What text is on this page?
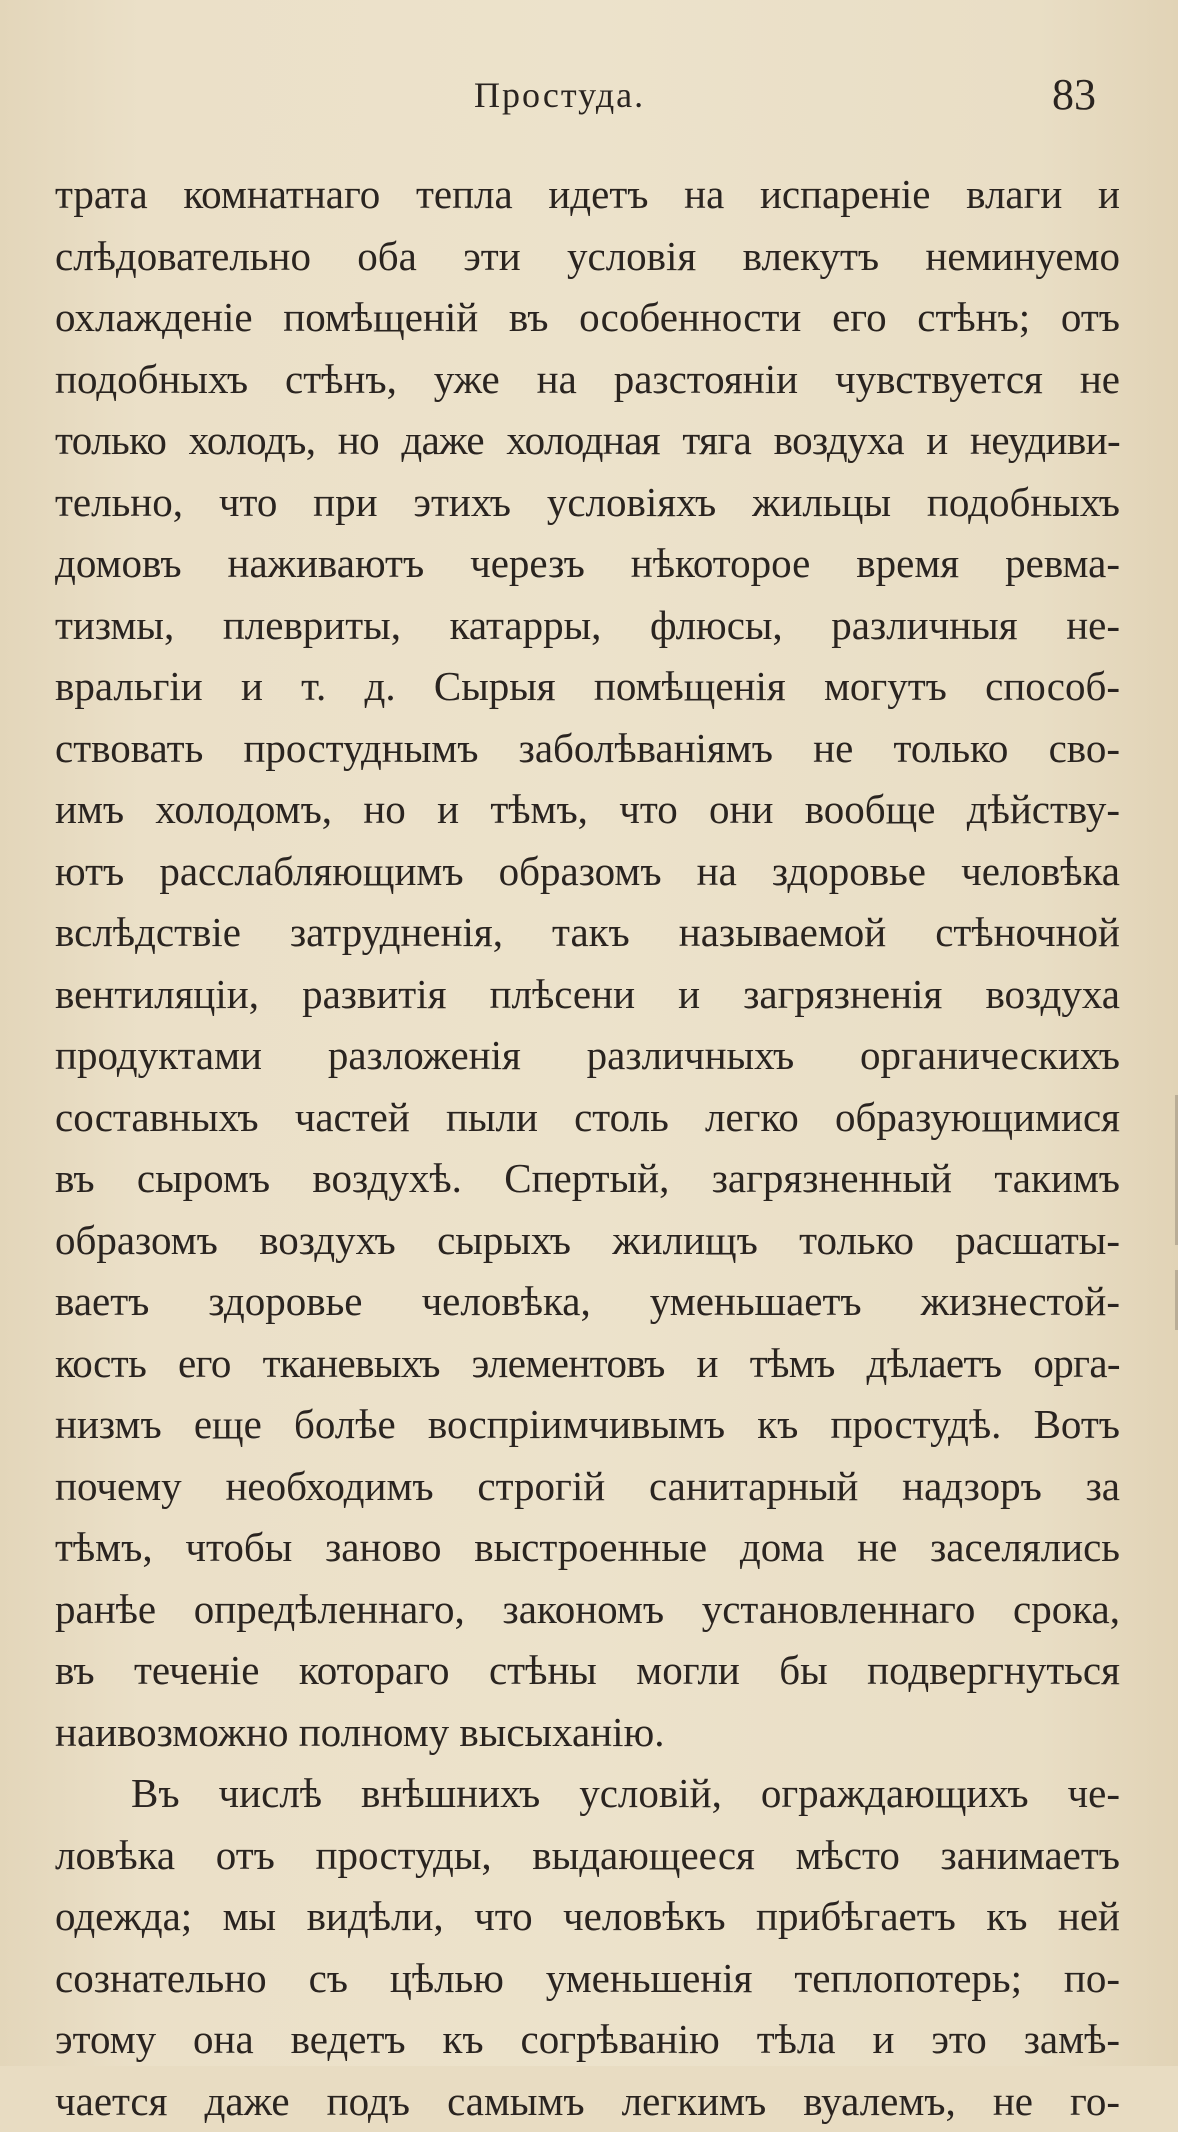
Простуда.	83
трата комнатнаго тепла идетъ на испареніе влаги и
слѣдовательно оба эти условія влекутъ неминуемо
охлажденіе помѣщеній въ особенности его стѣнъ; отъ
подобныхъ стѣнъ, уже на разстояніи чувствуется не
только холодъ, но даже холодная тяга воздуха и неудиви-
тельно, что при этихъ условіяхъ жильцы подобныхъ
домовъ наживаютъ черезъ нѣкоторое время ревма-
тизмы, плевриты, катарры, флюсы, различныя не-
вральгіи и т. д. Сырыя помѣщенія могутъ способ-
ствовать простуднымъ заболѣваніямъ не только сво-
имъ холодомъ, но и тѣмъ, что они вообще дѣйству-
ютъ расслабляющимъ образомъ на здоровье человѣка
вслѣдствіе затрудненія, такъ называемой стѣночной
вентиляціи, развитія плѣсени и загрязненія воздуха
продуктами разложенія различныхъ органическихъ
составныхъ частей пыли столь легко образующимися
въ сыромъ воздухѣ. Спертый, загрязненный такимъ
образомъ воздухъ сырыхъ жилищъ только расшаты-
ваетъ здоровье человѣка, уменьшаетъ жизнестой-
кость его тканевыхъ элементовъ и тѣмъ дѣлаетъ орга-
низмъ еще болѣе воспріимчивымъ къ простудѣ. Вотъ
почему необходимъ строгій санитарный надзоръ за
тѣмъ, чтобы заново выстроенные дома не заселялись
ранѣе опредѣленнаго, закономъ установленнаго срока,
въ теченіе котораго стѣны могли бы подвергнуться
наивозможно полному высыханію.
Въ числѣ внѣшнихъ условій, ограждающихъ че-
ловѣка отъ простуды, выдающееся мѣсто занимаетъ
одежда; мы видѣли, что человѣкъ прибѣгаетъ къ ней
сознательно съ цѣлью уменьшенія теплопотерь; по-
этому она ведетъ къ согрѣванію тѣла и это замѣ-
чается даже подъ самымъ легкимъ вуалемъ, не го-
